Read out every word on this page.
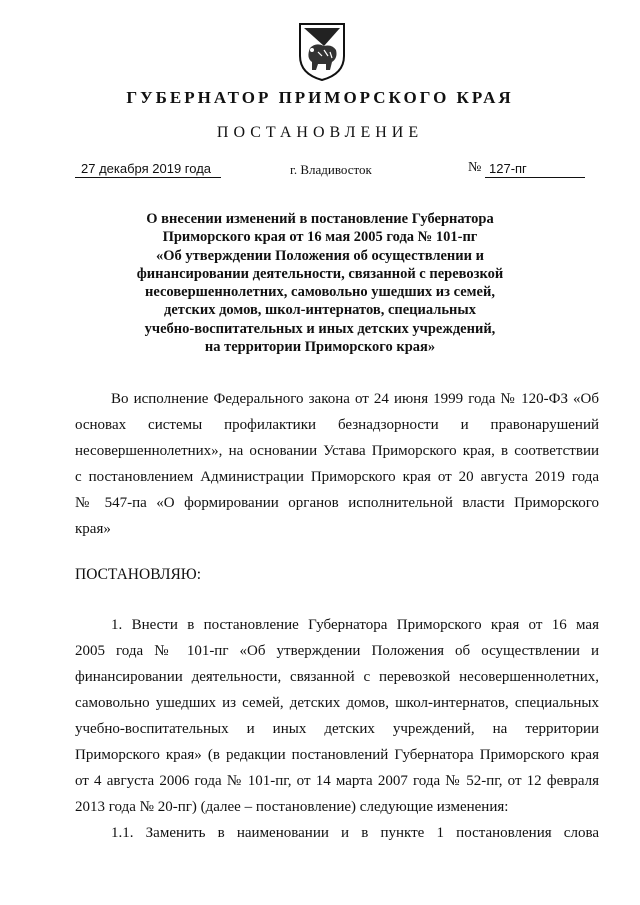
ГУБЕРНАТОР ПРИМОРСКОГО КРАЯ
ПОСТАНОВЛЕНИЕ
27 декабря 2019 года	г. Владивосток	№ 127-пг
О внесении изменений в постановление Губернатора
Приморского края от 16 мая 2005 года № 101-пг
«Об утверждении Положения об осуществлении и
финансировании деятельности, связанной с перевозкой
несовершеннолетних, самовольно ушедших из семей,
детских домов, школ-интернатов, специальных
учебно-воспитательных и иных детских учреждений,
на территории Приморского края»
Во исполнение Федерального закона от 24 июня 1999 года № 120-ФЗ «Об
основах системы профилактики безнадзорности и правонарушений
несовершеннолетних», на основании Устава Приморского края, в соответствии
с постановлением Администрации Приморского края от 20 августа 2019 года
№ 547-па «О формировании органов исполнительной власти Приморского
края»
ПОСТАНОВЛЯЮ:
1. Внести в постановление Губернатора Приморского края от 16 мая
2005 года № 101-пг «Об утверждении Положения об осуществлении и
финансировании деятельности, связанной с перевозкой несовершеннолетних,
самовольно ушедших из семей, детских домов, школ-интернатов, специальных
учебно-воспитательных и иных детских учреждений, на территории
Приморского края» (в редакции постановлений Губернатора Приморского края
от 4 августа 2006 года № 101-пг, от 14 марта 2007 года № 52-пг, от 12 февраля
2013 года № 20-пг) (далее – постановление) следующие изменения:
1.1. Заменить в наименовании и в пункте 1 постановления слова
